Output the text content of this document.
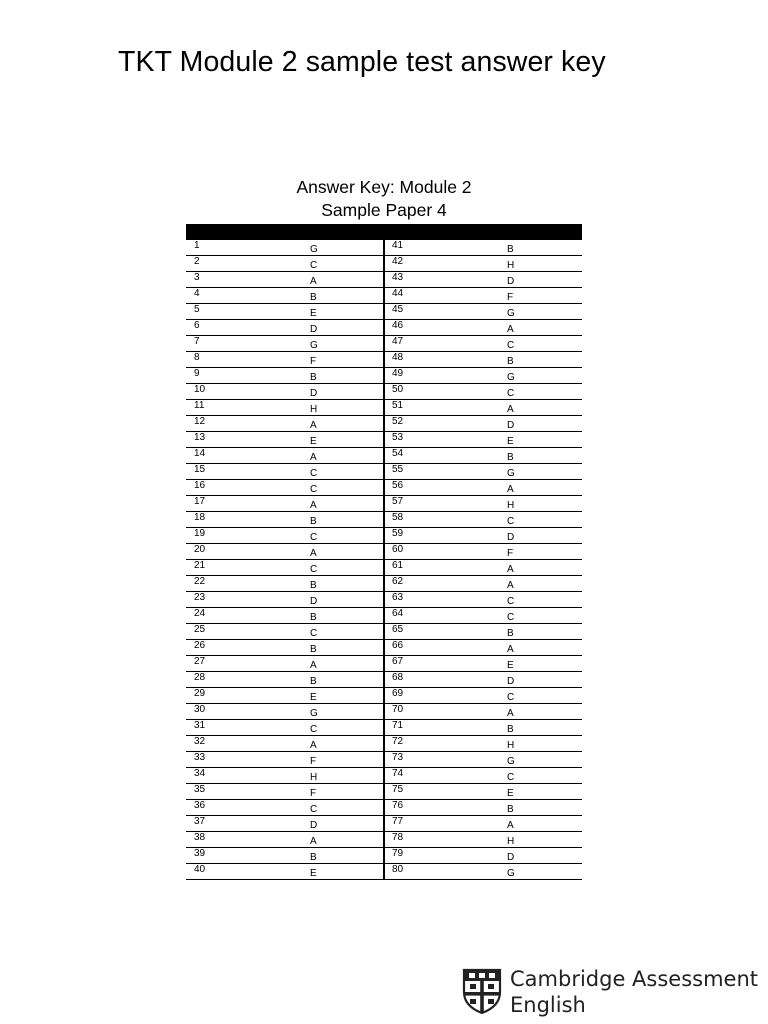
TKT Module 2 sample test answer key
Answer Key: Module 2
Sample Paper 4
1	G	41	B
2	C	42	H
3	A	43	D
4	B	44	F
5	E	45	G
6	D	46	A
7	G	47	C
8	F	48	B
9	B	49	G
10	D	50	C
11	H	51	A
12	A	52	D
13	E	53	E
14	A	54	B
15	C	55	G
16	C	56	A
17	A	57	H
18	B	58	C
19	C	59	D
20	A	60	F
21	C	61	A
22	B	62	A
23	D	63	C
24	B	64	C
25	C	65	B
26	B	66	A
27	A	67	E
28	B	68	D
29	E	69	C
30	G	70	A
31	C	71	B
32	A	72	H
33	F	73	G
34	H	74	C
35	F	75	E
36	C	76	B
37	D	77	A
38	A	78	H
39	B	79	D
40	E	80	G
Cambridge Assessment
English
